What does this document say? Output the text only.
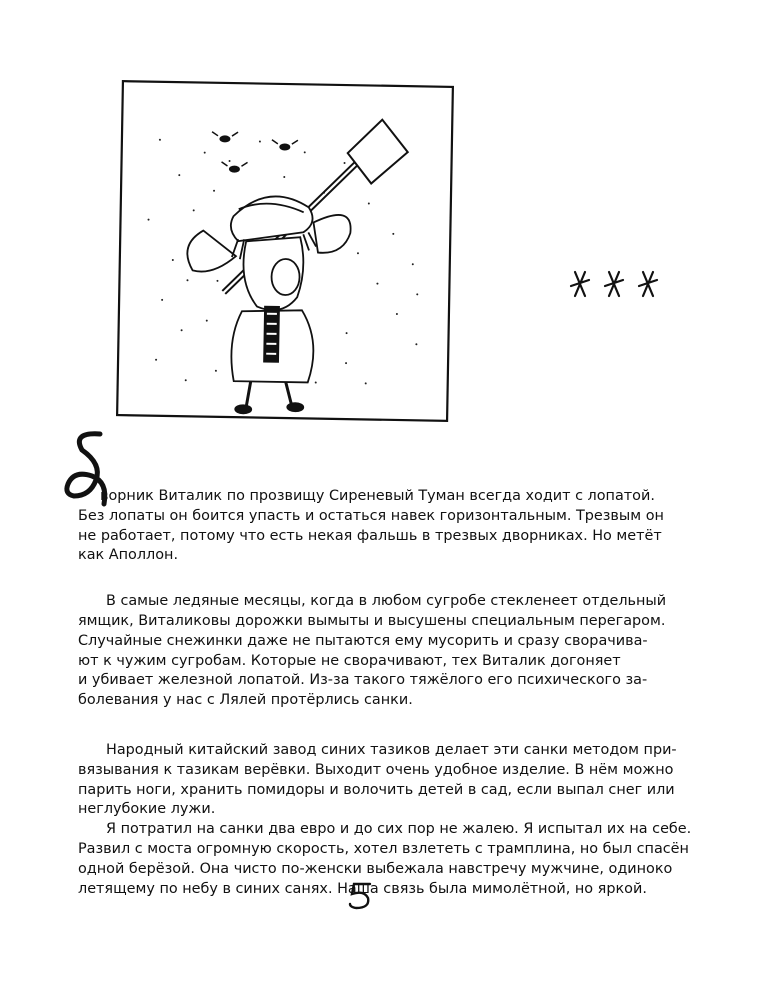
ворник Виталик по прозвищу Сиреневый Туман всегда ходит с лопатой.
Без лопаты он боится упасть и остаться навек горизонтальным. Трезвым он
не работает, потому что есть некая фальшь в трезвых дворниках. Но метёт
как Аполлон.
В самые ледяные месяцы, когда в любом сугробе стекленеет отдельный
ямщик, Виталиковы дорожки вымыты и высушены специальным перегаром.
Случайные снежинки даже не пытаются ему мусорить и сразу сворачива-
ют к чужим сугробам. Которые не сворачивают, тех Виталик догоняет
и убивает железной лопатой. Из-за такого тяжёлого его психического за-
болевания у нас с Лялей протёрлись санки.
Народный китайский завод синих тазиков делает эти санки методом при-
вязывания к тазикам верёвки. Выходит очень удобное изделие. В нём можно
парить ноги, хранить помидоры и волочить детей в сад, если выпал снег или
неглубокие лужи.
Я потратил на санки два евро и до сих пор не жалею. Я испытал их на себе.
Развил с моста огромную скорость, хотел взлететь с трамплина, но был спасён
одной берёзой. Она чисто по-женски выбежала навстречу мужчине, одиноко
летящему по небу в синих санях. Наша связь была мимолётной, но яркой.
